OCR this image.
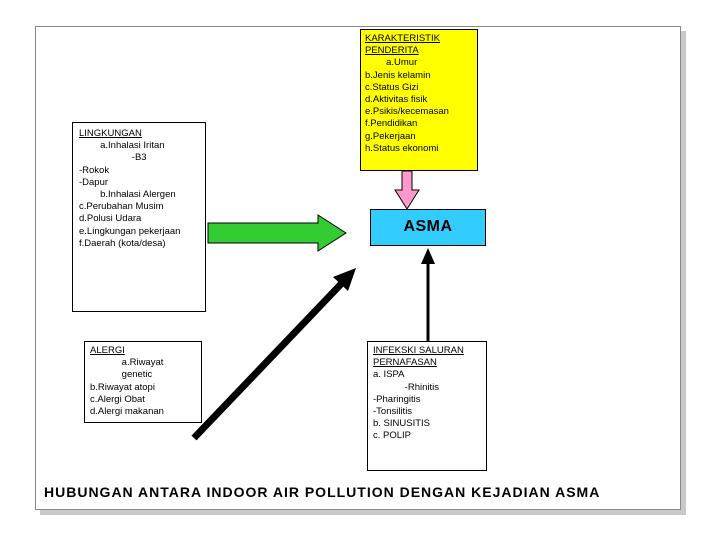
LINGKUNGAN
a.Inhalasi Iritan
-B3
-Rokok
-Dapur
b.Inhalasi Alergen
c.Perubahan Musim
d.Polusi Udara
e.Lingkungan pekerjaan
f.Daerah (kota/desa)
KARAKTERISTIK
PENDERITA
a.Umur
b.Jenis kelamin
c.Status Gizi
d.Aktivitas fisik
e.Psikis/kecemasan
f.Pendidikan
g.Pekerjaan
h.Status ekonomi
ASMA
ALERGI
a.Riwayat
genetic
b.Riwayat atopi
c.Alergi Obat
d.Alergi makanan
INFEKSKI SALURAN
PERNAFASAN
a. ISPA
-Rhinitis
-Pharingitis
-Tonsilitis
b. SINUSITIS
c. POLIP
HUBUNGAN ANTARA INDOOR AIR POLLUTION DENGAN KEJADIAN ASMA
